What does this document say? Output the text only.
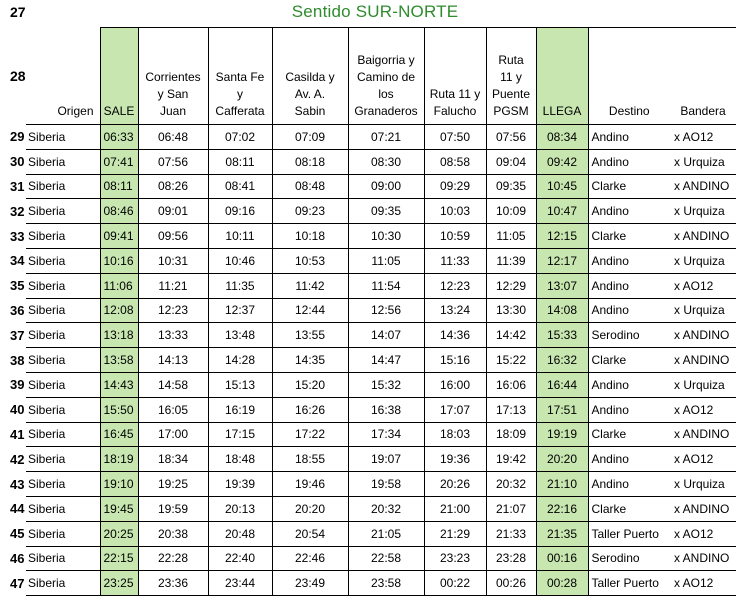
27	Sentido SUR-NORTE
28	Origen	SALE	Corrientes
y San
Juan	Santa Fe
y
Cafferata	Casilda y
Av. A.
Sabin	Baigorria y
Camino de
los
Granaderos	Ruta 11 y
Falucho	Ruta
11 y
Puente
PGSM	LLEGA	Destino	Bandera
29	Siberia	06:33	06:48	07:02	07:09	07:21	07:50	07:56	08:34	Andino	x AO12
30	Siberia	07:41	07:56	08:11	08:18	08:30	08:58	09:04	09:42	Andino	x Urquiza
31	Siberia	08:11	08:26	08:41	08:48	09:00	09:29	09:35	10:45	Clarke	x ANDINO
32	Siberia	08:46	09:01	09:16	09:23	09:35	10:03	10:09	10:47	Andino	x Urquiza
33	Siberia	09:41	09:56	10:11	10:18	10:30	10:59	11:05	12:15	Clarke	x ANDINO
34	Siberia	10:16	10:31	10:46	10:53	11:05	11:33	11:39	12:17	Andino	x Urquiza
35	Siberia	11:06	11:21	11:35	11:42	11:54	12:23	12:29	13:07	Andino	x AO12
36	Siberia	12:08	12:23	12:37	12:44	12:56	13:24	13:30	14:08	Andino	x Urquiza
37	Siberia	13:18	13:33	13:48	13:55	14:07	14:36	14:42	15:33	Serodino	x ANDINO
38	Siberia	13:58	14:13	14:28	14:35	14:47	15:16	15:22	16:32	Clarke	x ANDINO
39	Siberia	14:43	14:58	15:13	15:20	15:32	16:00	16:06	16:44	Andino	x Urquiza
40	Siberia	15:50	16:05	16:19	16:26	16:38	17:07	17:13	17:51	Andino	x AO12
41	Siberia	16:45	17:00	17:15	17:22	17:34	18:03	18:09	19:19	Clarke	x ANDINO
42	Siberia	18:19	18:34	18:48	18:55	19:07	19:36	19:42	20:20	Andino	x AO12
43	Siberia	19:10	19:25	19:39	19:46	19:58	20:26	20:32	21:10	Andino	x Urquiza
44	Siberia	19:45	19:59	20:13	20:20	20:32	21:00	21:07	22:16	Clarke	x ANDINO
45	Siberia	20:25	20:38	20:48	20:54	21:05	21:29	21:33	21:35	Taller Puerto	x AO12
46	Siberia	22:15	22:28	22:40	22:46	22:58	23:23	23:28	00:16	Serodino	x ANDINO
47	Siberia	23:25	23:36	23:44	23:49	23:58	00:22	00:26	00:28	Taller Puerto	x AO12
